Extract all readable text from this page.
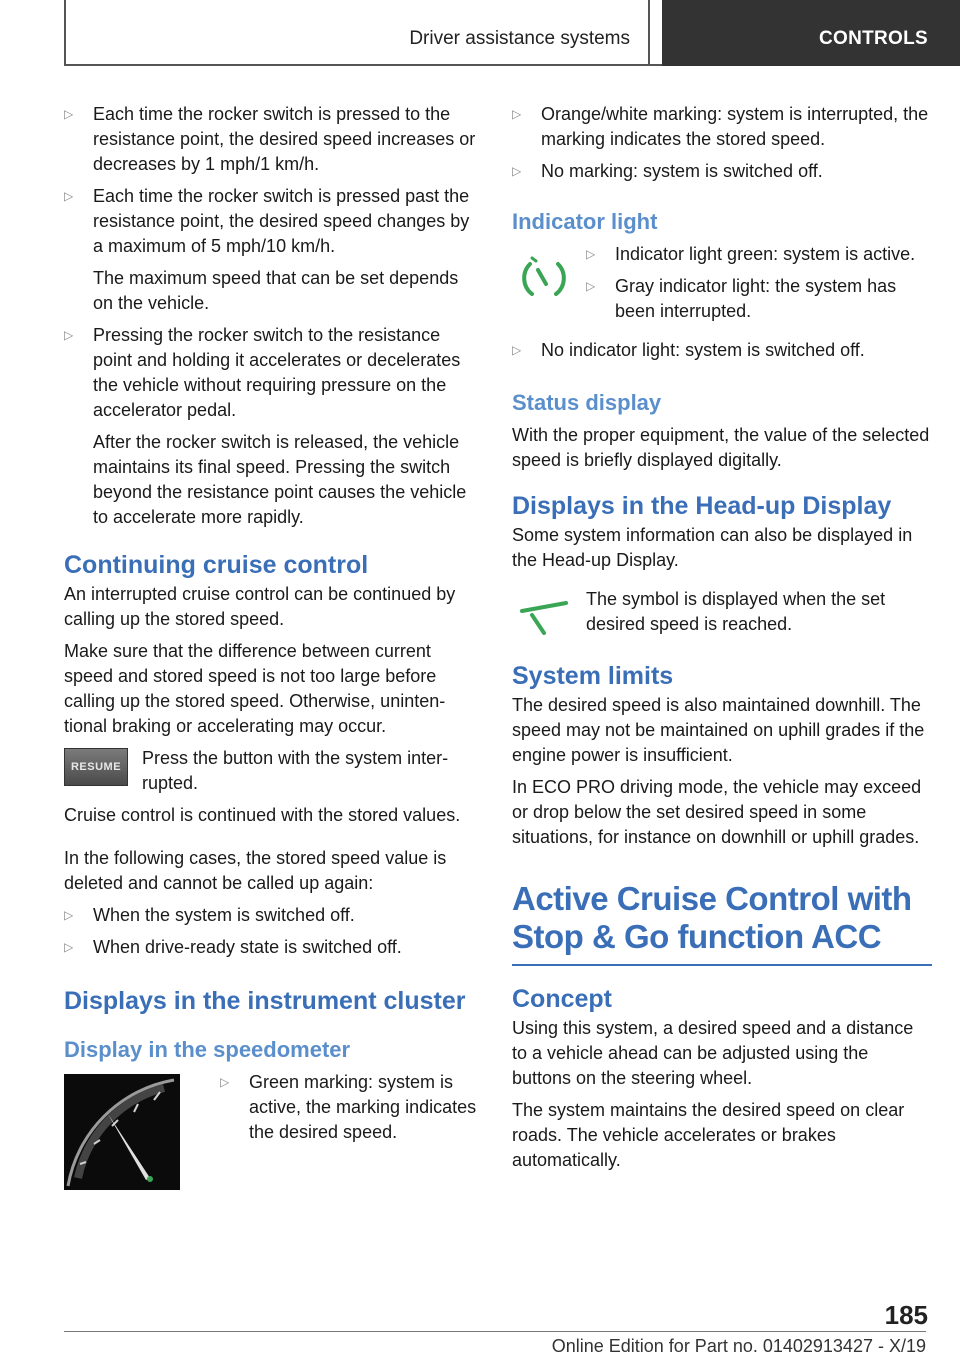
Driver assistance systems	CONTROLS
▷ Each time the rocker switch is pressed to the resistance point, the desired speed increases or decreases by 1 mph/1 km/h.
▷ Each time the rocker switch is pressed past the resistance point, the desired speed changes by a maximum of 5 mph/10 km/h.
The maximum speed that can be set depends on the vehicle.
▷ Pressing the rocker switch to the resistance point and holding it accelerates or decelerates the vehicle without requiring pressure on the accelerator pedal.
After the rocker switch is released, the vehicle maintains its final speed. Pressing the switch beyond the resistance point causes the vehicle to accelerate more rapidly.
Continuing cruise control

An interrupted cruise control can be continued by calling up the stored speed.

Make sure that the difference between current speed and stored speed is not too large before calling up the stored speed. Otherwise, unintentional braking or accelerating may occur.

RESUME Press the button with the system interrupted.

Cruise control is continued with the stored values.

In the following cases, the stored speed value is deleted and cannot be called up again:

▷ When the system is switched off.
▷ When drive-ready state is switched off.
Displays in the instrument cluster
Display in the speedometer
▷ Green marking: system is active, the marking indicates the desired speed.
▷ Orange/white marking: system is interrupted, the marking indicates the stored speed.
▷ No marking: system is switched off.
Indicator light
▷ Indicator light green: system is active.
▷ Gray indicator light: the system has been interrupted.
▷ No indicator light: system is switched off.
Status display

With the proper equipment, the value of the selected speed is briefly displayed digitally.

Displays in the Head-up Display

Some system information can also be displayed in the Head-up Display.

The symbol is displayed when the set desired speed is reached.
System limits

The desired speed is also maintained downhill. The speed may not be maintained on uphill grades if the engine power is insufficient.

In ECO PRO driving mode, the vehicle may exceed or drop below the set desired speed in some situations, for instance on downhill or uphill grades.

Active Cruise Control with Stop & Go function ACC
Concept

Using this system, a desired speed and a distance to a vehicle ahead can be adjusted using the buttons on the steering wheel.

The system maintains the desired speed on clear roads. The vehicle accelerates or brakes automatically.

185
Online Edition for Part no. 01402913427 - X/19
